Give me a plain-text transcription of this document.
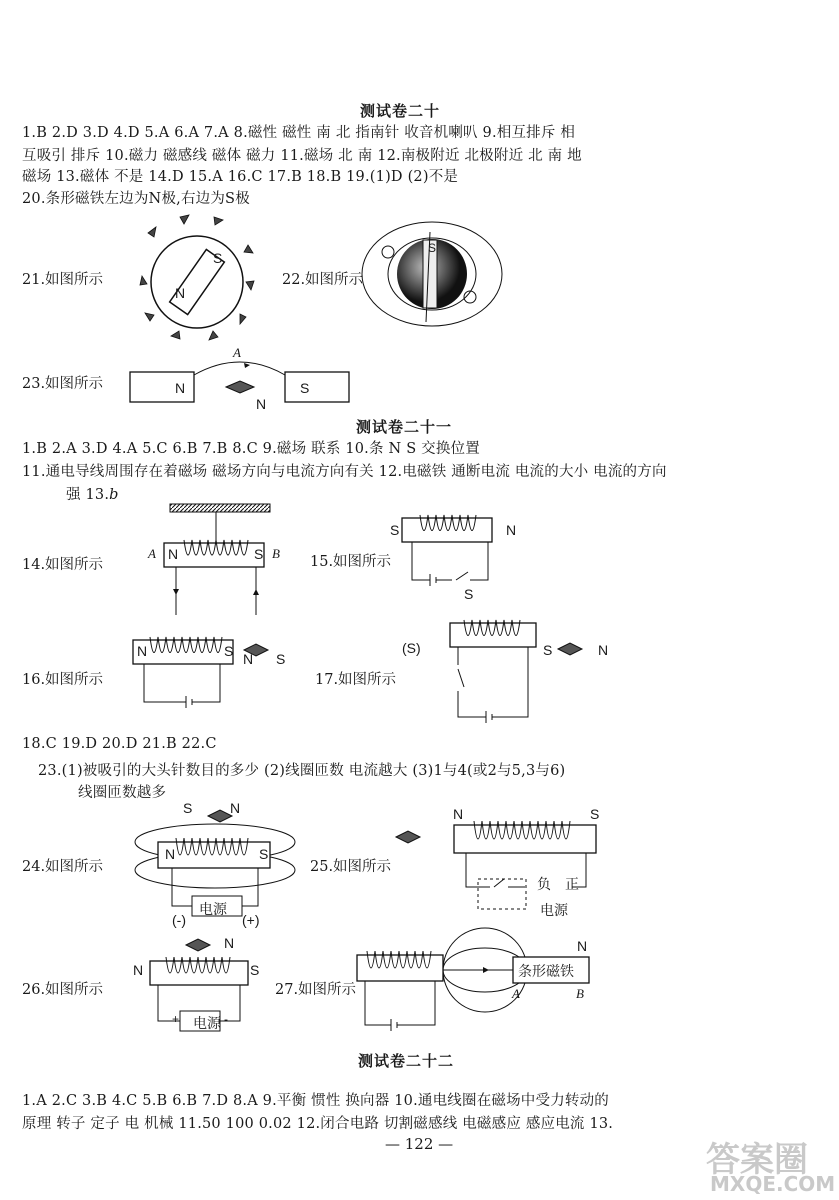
测试卷二十
1.B 2.D 3.D 4.D 5.A 6.A 7.A 8.磁性 磁性 南 北 指南针 收音机喇叭 9.相互排斥 相
互吸引 排斥 10.磁力 磁感线 磁体 磁力 11.磁场 北 南 12.南极附近 北极附近 北 南 地
磁场 13.磁体 不是 14.D 15.A 16.C 17.B 18.B 19.(1)D (2)不是
20.条形磁铁左边为N极,右边为S极
21.如图所示
S
N
22.如图所示
S
23.如图所示
A
N	S
N
测试卷二十一
1.B 2.A 3.D 4.A 5.C 6.B 7.B 8.C 9.磁场 联系 10.条 N S 交换位置
11.通电导线周围存在着磁场 磁场方向与电流方向有关 12.电磁铁 通断电流 电流的大小 电流的方向
强 13.b
14.如图所示
A N	S B
15.如图所示
S	N
S
16.如图所示
N	S N S
17.如图所示
(S)	S	N
18.C 19.D 20.D 21.B 22.C
23.(1)被吸引的大头针数目的多少 (2)线圈匝数 电流越大 (3)1与4(或2与5,3与6)
线圈匝数越多
24.如图所示
S	N
N	S
电源
(-)	(+)
25.如图所示
N	S
负 正
电源
26.如图所示
N
N	S
电源
+	-
27.如图所示
条形磁铁
N
A	B
测试卷二十二
1.A 2.C 3.B 4.C 5.B 6.B 7.D 8.A 9.平衡 惯性 换向器 10.通电线圈在磁场中受力转动的
原理 转子 定子 电 机械 11.50 100 0.02 12.闭合电路 切割磁感线 电磁感应 感应电流 13.
— 122 —	答案圈
MXQE.COM
